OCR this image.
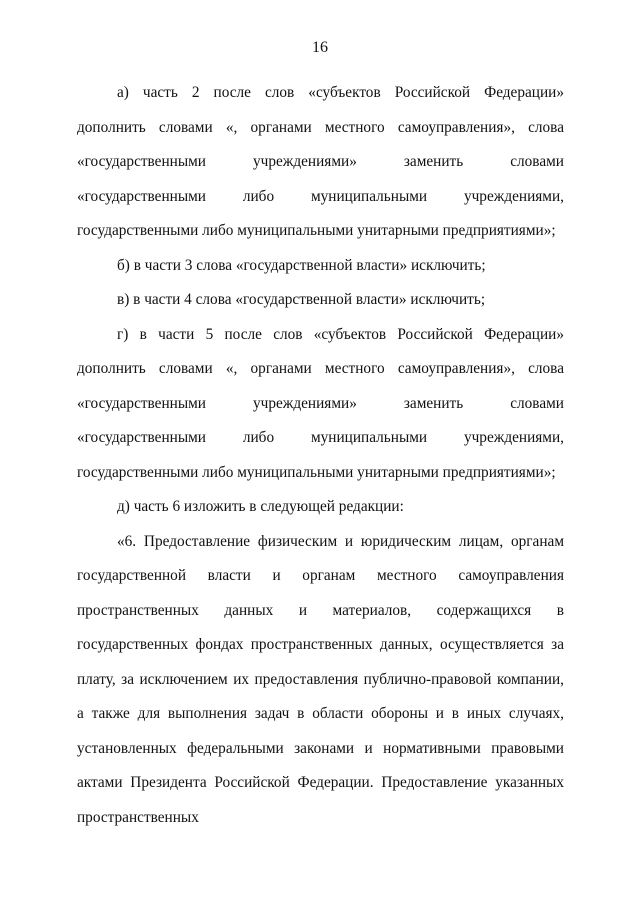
16

а) часть 2 после слов «субъектов Российской Федерации» дополнить словами «, органами местного самоуправления», слова «государственными учреждениями» заменить словами «государственными либо муниципальными учреждениями, государственными либо муниципальными унитарными предприятиями»;

б) в части 3 слова «государственной власти» исключить;

в) в части 4 слова «государственной власти» исключить;

г) в части 5 после слов «субъектов Российской Федерации» дополнить словами «, органами местного самоуправления», слова «государственными учреждениями» заменить словами «государственными либо муниципальными учреждениями, государственными либо муниципальными унитарными предприятиями»;

д) часть 6 изложить в следующей редакции:

«6. Предоставление физическим и юридическим лицам, органам государственной власти и органам местного самоуправления пространственных данных и материалов, содержащихся в государственных фондах пространственных данных, осуществляется за плату, за исключением их предоставления публично-правовой компании, а также для выполнения задач в области обороны и в иных случаях, установленных федеральными законами и нормативными правовыми актами Президента Российской Федерации. Предоставление указанных пространственных
